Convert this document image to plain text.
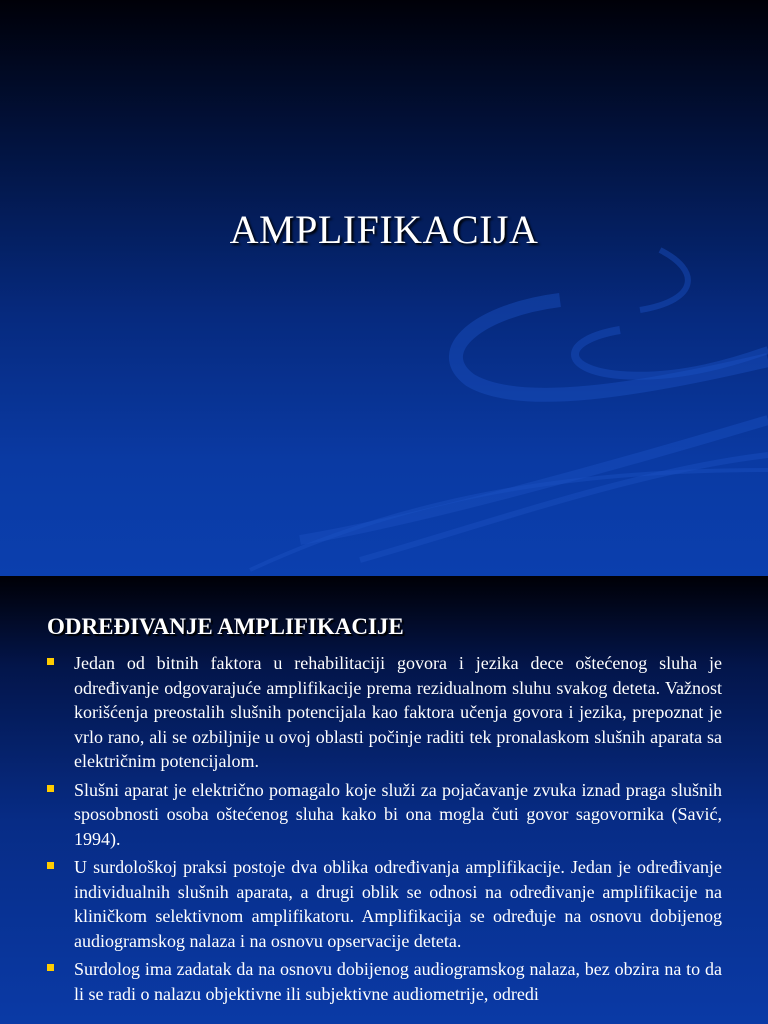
AMPLIFIKACIJA
ODREĐIVANJE AMPLIFIKACIJE
Jedan od bitnih faktora u rehabilitaciji govora i jezika dece oštećenog sluha je određivanje odgovarajuće amplifikacije prema rezidualnom sluhu svakog deteta. Važnost korišćenja preostalih slušnih potencijala kao faktora učenja govora i jezika, prepoznat je vrlo rano, ali se ozbiljnije u ovoj oblasti počinje raditi tek pronalaskom slušnih aparata sa električnim potencijalom.
Slušni aparat je električno pomagalo koje služi za pojačavanje zvuka iznad praga slušnih sposobnosti osoba oštećenog sluha kako bi ona mogla čuti govor sagovornika (Savić, 1994).
U surdološkoj praksi postoje dva oblika određivanja amplifikacije. Jedan je određivanje individualnih slušnih aparata, a drugi oblik se odnosi na određivanje amplifikacije na kliničkom selektivnom amplifikatoru. Amplifikacija se određuje na osnovu dobijenog audiogramskog nalaza i na osnovu opservacije deteta.
Surdolog ima zadatak da na osnovu dobijenog audiogramskog nalaza, bez obzira na to da li se radi o nalazu objektivne ili subjektivne audiometrije, odredi
